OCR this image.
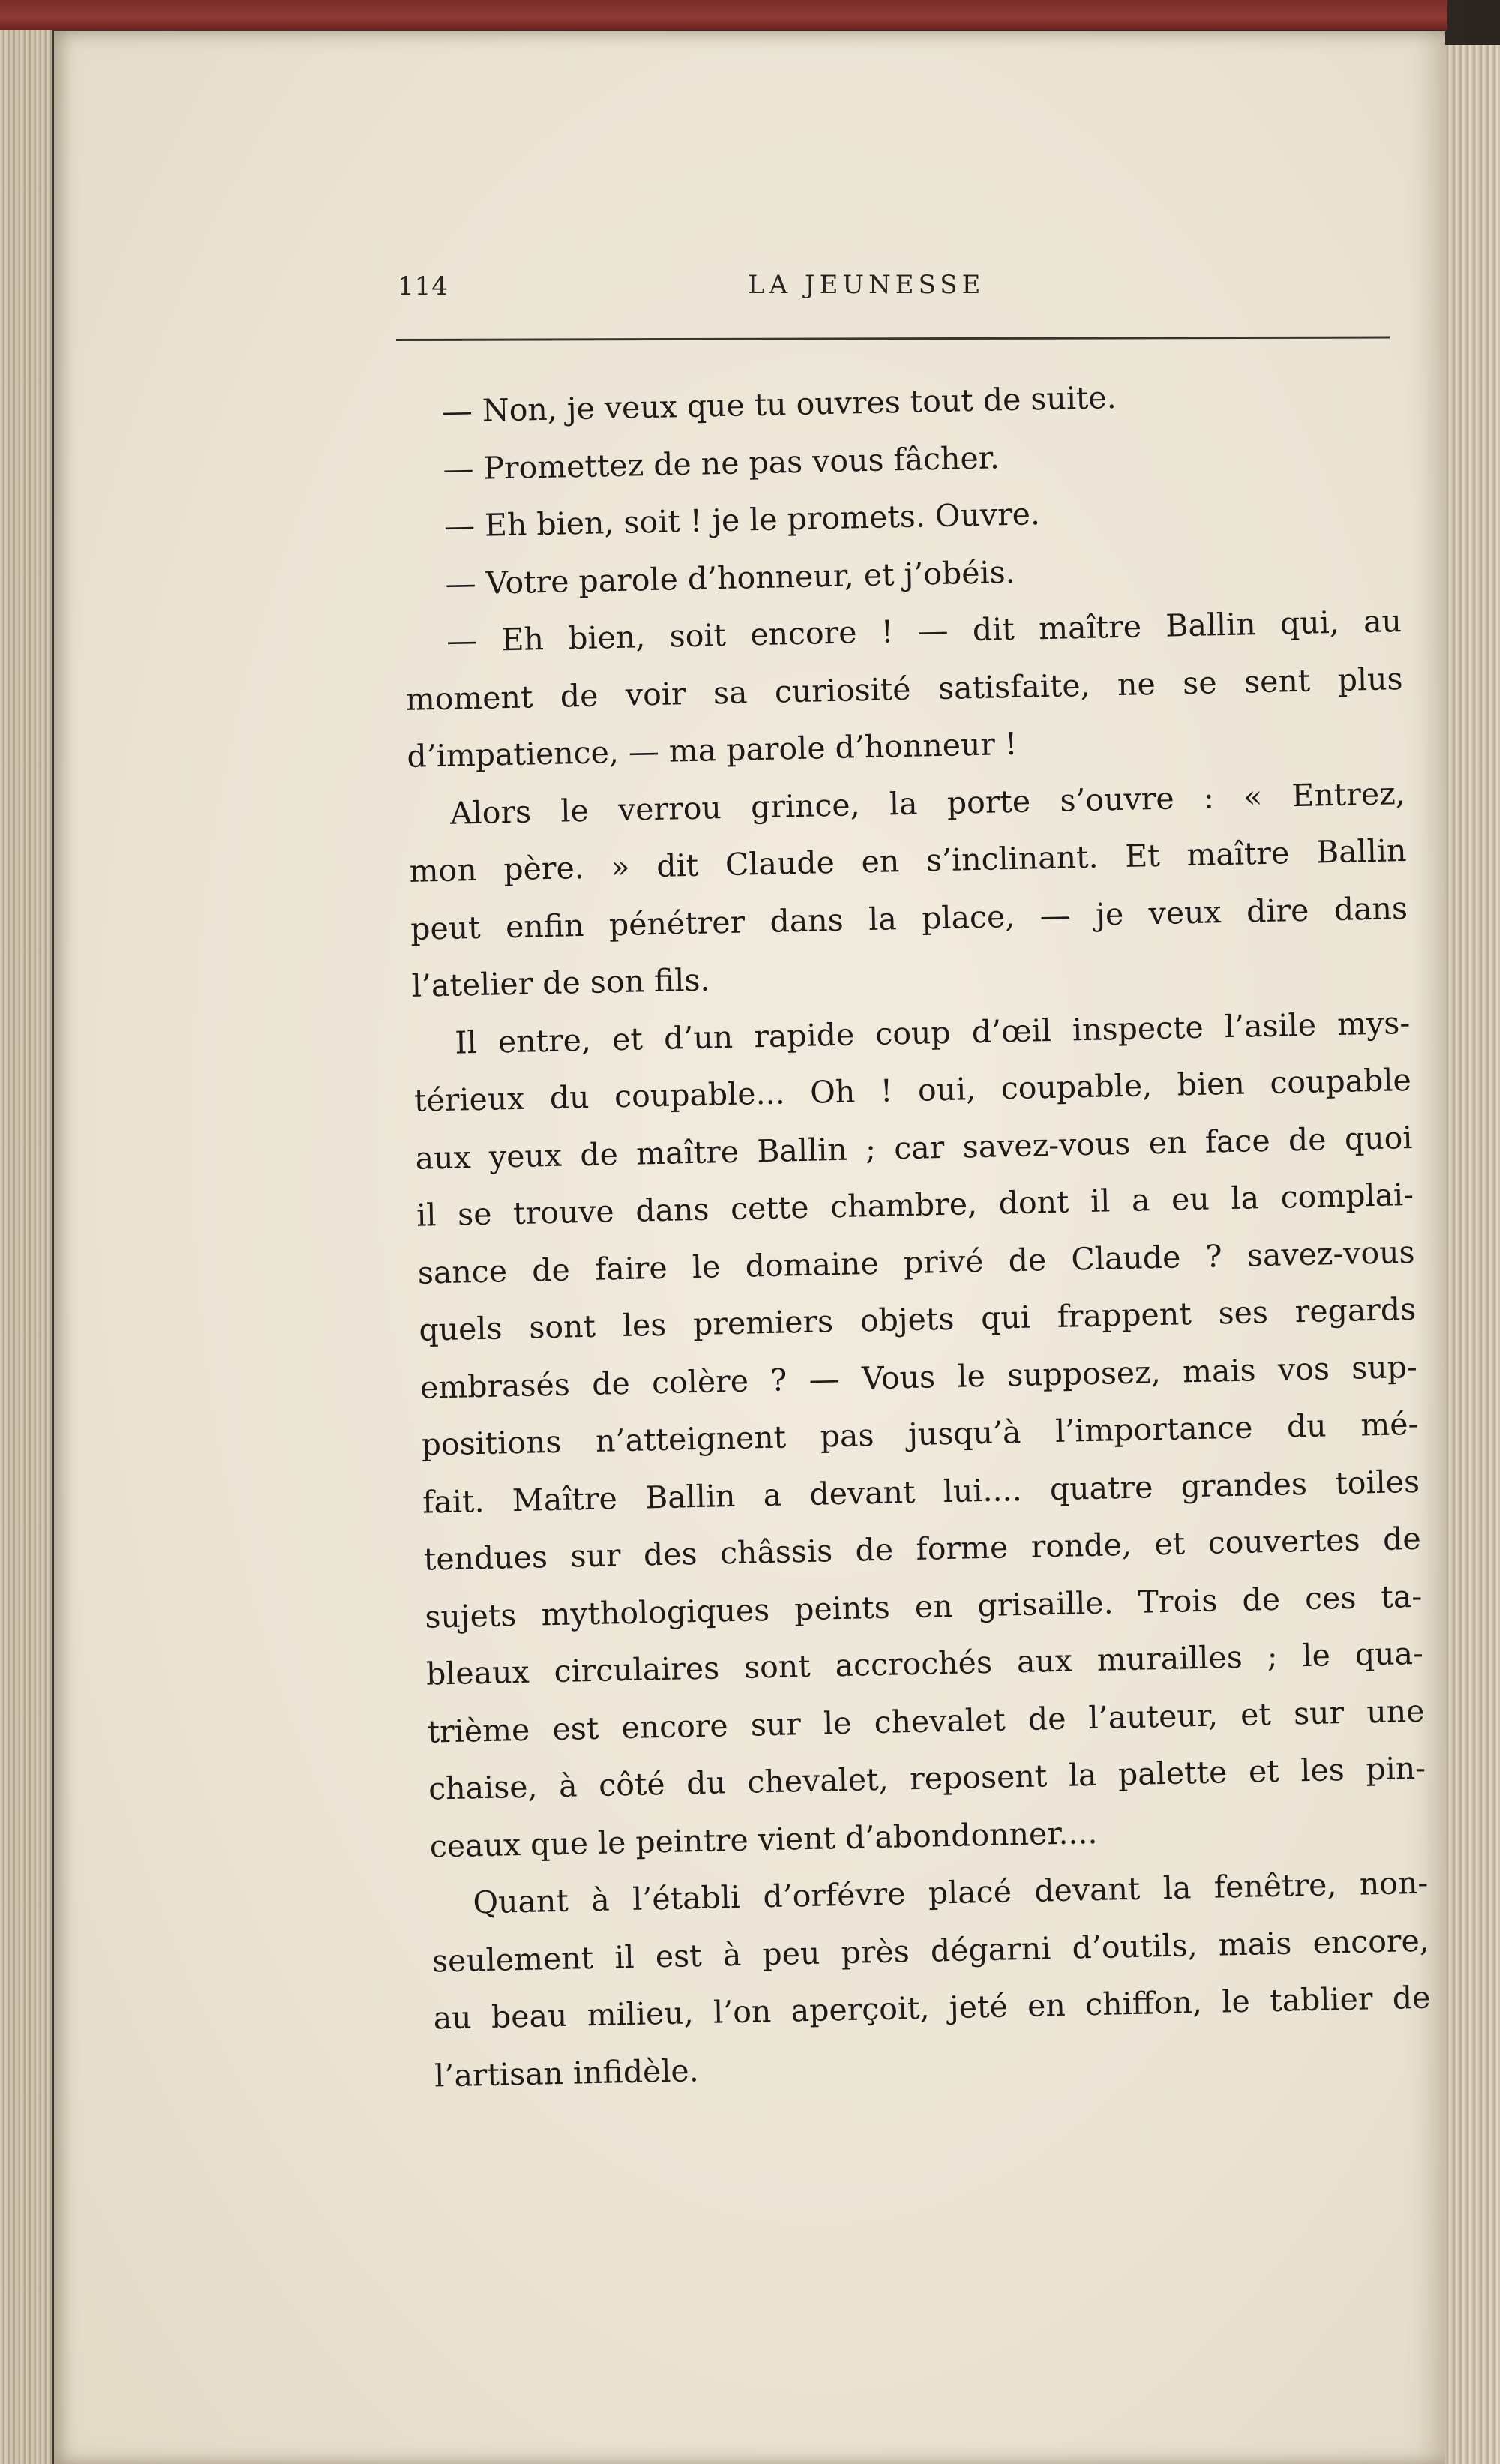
114	LA JEUNESSE
— Non, je veux que tu ouvres tout de suite.
— Promettez de ne pas vous fâcher.
— Eh bien, soit ! je le promets. Ouvre.
— Votre parole d’honneur, et j’obéis.
— Eh bien, soit encore ! — dit maître Ballin qui, au
moment de voir sa curiosité satisfaite, ne se sent plus
d’impatience, — ma parole d’honneur !
Alors le verrou grince, la porte s’ouvre : « Entrez,
mon père. » dit Claude en s’inclinant. Et maître Ballin
peut enfin pénétrer dans la place, — je veux dire dans
l’atelier de son fils.
Il entre, et d’un rapide coup d’œil inspecte l’asile mys-
térieux du coupable... Oh ! oui, coupable, bien coupable
aux yeux de maître Ballin ; car savez-vous en face de quoi
il se trouve dans cette chambre, dont il a eu la complai-
sance de faire le domaine privé de Claude ? savez-vous
quels sont les premiers objets qui frappent ses regards
embrasés de colère ? — Vous le supposez, mais vos sup-
positions n’atteignent pas jusqu’à l’importance du mé-
fait. Maître Ballin a devant lui.... quatre grandes toiles
tendues sur des châssis de forme ronde, et couvertes de
sujets mythologiques peints en grisaille. Trois de ces ta-
bleaux circulaires sont accrochés aux murailles ; le qua-
trième est encore sur le chevalet de l’auteur, et sur une
chaise, à côté du chevalet, reposent la palette et les pin-
ceaux que le peintre vient d’abondonner....
Quant à l’établi d’orfévre placé devant la fenêtre, non-
seulement il est à peu près dégarni d’outils, mais encore,
au beau milieu, l’on aperçoit, jeté en chiffon, le tablier de
l’artisan infidèle.
